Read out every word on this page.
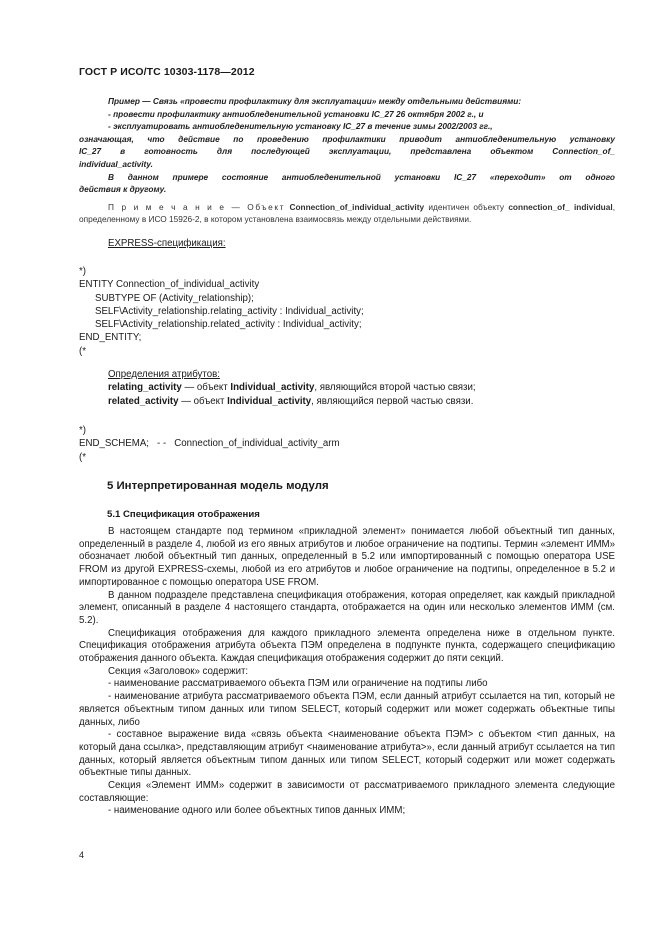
ГОСТ Р ИСО/ТС 10303-1178—2012

Пример — Связь «провести профилактику для эксплуатации» между отдельными действиями:

- провести профилактику антиобледенительной установки IC_27 26 октября 2002 г., и

- эксплуатировать антиобледенительную установку IC_27 в течение зимы 2002/2003 гг.,

означающая, что действие по проведению профилактики приводит антиобледенительную установку

IC_27 в готовность для последующей эксплуатации, представлена объектом Connection_of_

individual_activity.

В данном примере состояние антиобледенительной установки IC_27 «переходит» от одного

действия к другому.

П р и м е ч а н и е — Объект Connection_of_individual_activity идентичен объекту connection_of_ individual, определенному в ИСО 15926-2, в котором установлена взаимосвязь между отдельными действиями.

EXPRESS-спецификация:
*)
ENTITY Connection_of_individual_activity
SUBTYPE OF (Activity_relationship);
SELF\Activity_relationship.relating_activity : Individual_activity;
SELF\Activity_relationship.related_activity : Individual_activity;
END_ENTITY;
(*
Определения атрибутов:
relating_activity — объект Individual_activity, являющийся второй частью связи;
related_activity — объект Individual_activity, являющийся первой частью связи.
*)
END_SCHEMA;   - -   Connection_of_individual_activity_arm
(*
5 Интерпретированная модель модуля
5.1 Спецификация отображения

В настоящем стандарте под термином «прикладной элемент» понимается любой объектный тип данных, определенный в разделе 4, любой из его явных атрибутов и любое ограничение на подтипы. Термин «элемент ИММ» обозначает любой объектный тип данных, определенный в 5.2 или импортированный с помощью оператора USE FROM из другой EXPRESS-схемы, любой из его атрибутов и любое ограничение на подтипы, определенное в 5.2 и импортированное с помощью оператора USE FROM.

В данном подразделе представлена спецификация отображения, которая определяет, как каждый прикладной элемент, описанный в разделе 4 настоящего стандарта, отображается на один или несколько элементов ИММ (см. 5.2).

Спецификация отображения для каждого прикладного элемента определена ниже в отдельном пункте. Спецификация отображения атрибута объекта ПЭМ определена в подпункте пункта, содержащего спецификацию отображения данного объекта. Каждая спецификация отображения содержит до пяти секций.

Секция «Заголовок» содержит:

- наименование рассматриваемого объекта ПЭМ или ограничение на подтипы либо

- наименование атрибута рассматриваемого объекта ПЭМ, если данный атрибут ссылается на тип, который не является объектным типом данных или типом SELECT, который содержит или может содержать объектные типы данных, либо

- составное выражение вида «связь объекта <наименование объекта ПЭМ> с объектом <тип данных, на который дана ссылка>, представляющим атрибут <наименование атрибута>», если данный атрибут ссылается на тип данных, который является объектным типом данных или типом SELECT, который содержит или может содержать объектные типы данных.

Секция «Элемент ИММ» содержит в зависимости от рассматриваемого прикладного элемента следующие составляющие:

- наименование одного или более объектных типов данных ИММ;

4
